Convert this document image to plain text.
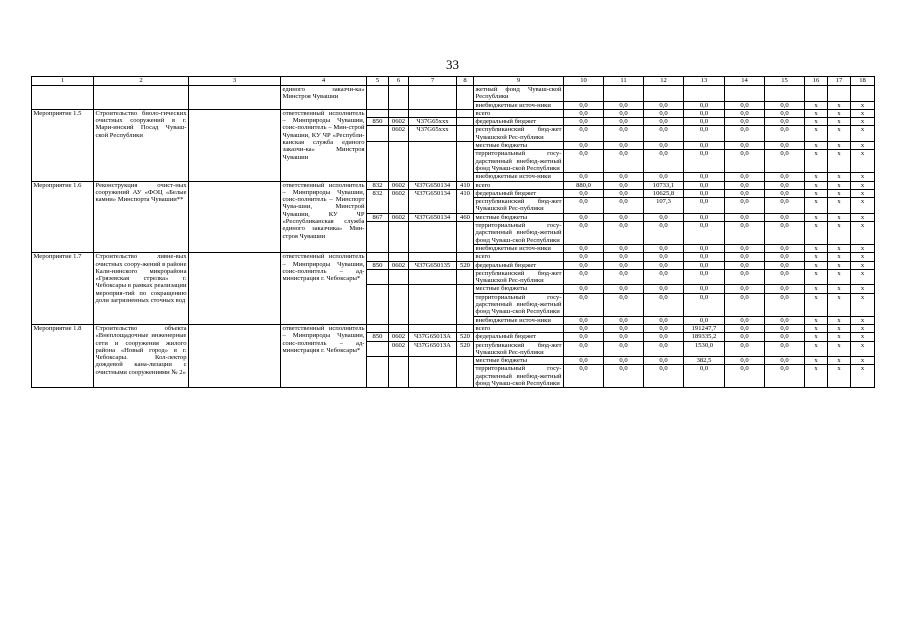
33
1	2	3	4	5	6	7	8	9	10	11	12	13	14	15	16	17	18
			единого заказчи-ка» Минстроя Чувашии					жетный фонд Чуваш-ской Республики									
								внебюджетные источ-ники	0,0	0,0	0,0	0,0	0,0	0,0	х	х	х
Мероприятие 1.5	Строительство биоло-гических очистных сооружений в г. Мари-инский Посад Чуваш-ской Республики		ответственный исполнитель – Минприроды Чувашии, соис-полнитель – Мин-строй Чувашии, КУ ЧР «Республи-канская служба единого заказчи-ка» Минстроя Чувашии					всего	0,0	0,0	0,0	0,0	0,0	0,0	х	х	х
				850	0602	Ч37G65ххх		федеральный бюджет	0,0	0,0	0,0	0,0	0,0	0,0	х	х	х
					0602	Ч37G65ххх		республиканский бюд-жет Чувашской Рес-публики	0,0	0,0	0,0	0,0	0,0	0,0	х	х	х
								местные бюджеты	0,0	0,0	0,0	0,0	0,0	0,0	х	х	х
								территориальный госу-дарственный внебюд-жетный фонд Чуваш-ской Республики	0,0	0,0	0,0	0,0	0,0	0,0	х	х	х
								внебюджетные источ-ники	0,0	0,0	0,0	0,0	0,0	0,0	х	х	х
Мероприятие 1.6	Реконструкция очист-ных сооружений АУ «ФОЦ «Белые камни» Минспорта Чувашии**		ответственный исполнитель – Минприроды Чувашии, соис-полнитель – Минспорт Чува-шии, Минстрой Чувашии, КУ ЧР «Республиканская служба единого заказчика» Мин-строя Чувашии	832	0602	Ч37G650134	410	всего	880,0	0,0	10733,1	0,0	0,0	0,0	х	х	х
				832	0602	Ч37G650134	410	федеральный бюджет	0,0	0,0	10625,8	0,0	0,0	0,0	х	х	х
								республиканский бюд-жет Чувашской Рес-публики	0,0	0,0	107,3	0,0	0,0	0,0	х	х	х
				867	0602	Ч37G650134	460	местные бюджеты	0,0	0,0	0,0	0,0	0,0	0,0	х	х	х
								территориальный госу-дарственный внебюд-жетный фонд Чуваш-ской Республики	0,0	0,0	0,0	0,0	0,0	0,0	х	х	х
								внебюджетные источ-ники	0,0	0,0	0,0	0,0	0,0	0,0	х	х	х
Мероприятие 1.7	Строительство ливне-вых очистных соору-жений в районе Кали-нинского микрорайона «Грязевская стрелка» г. Чебоксары в рамках реализации мероприя-тий по сокращению доли загрязненных сточных вод		ответственный исполнитель – Минприроды Чувашии, соис-полнитель – ад-министрация г. Чебоксары*					всего	0,0	0,0	0,0	0,0	0,0	0,0	х	х	х
				850	0602	Ч37G650135	520	федеральный бюджет	0,0	0,0	0,0	0,0	0,0	0,0	х	х	х
								республиканский бюд-жет Чувашской Рес-публики	0,0	0,0	0,0	0,0	0,0	0,0	х	х	х
								местные бюджеты	0,0	0,0	0,0	0,0	0,0	0,0	х	х	х
								территориальный госу-дарственный внебюд-жетный фонд Чуваш-ской Республики	0,0	0,0	0,0	0,0	0,0	0,0	х	х	х
								внебюджетные источ-ники	0,0	0,0	0,0	0,0	0,0	0,0	х	х	х
Мероприятие 1.8	Строительство объекта «Внеплощадочные инженерные сети и сооружения жилого района «Новый город» в г. Чебоксары. Кол-лектор дождевой кана-лизации с очистными сооружениями № 2»		ответственный исполнитель – Минприроды Чувашии, соис-полнитель – ад-министрация г. Чебоксары*					всего	0,0	0,0	0,0	191247,7	0,0	0,0	х	х	х
				850	0602	Ч37G6501ЗА	520	федеральный бюджет	0,0	0,0	0,0	189335,2	0,0	0,0	х	х	х
					0602	Ч37G6501ЗА	520	республиканский бюд-жет Чувашской Рес-публики	0,0	0,0	0,0	1530,0	0,0	0,0	х	х	х
								местные бюджеты	0,0	0,0	0,0	382,5	0,0	0,0	х	х	х
								территориальный госу-дарственный внебюд-жетный фонд Чуваш-ской Республики	0,0	0,0	0,0	0,0	0,0	0,0	х	х	х
